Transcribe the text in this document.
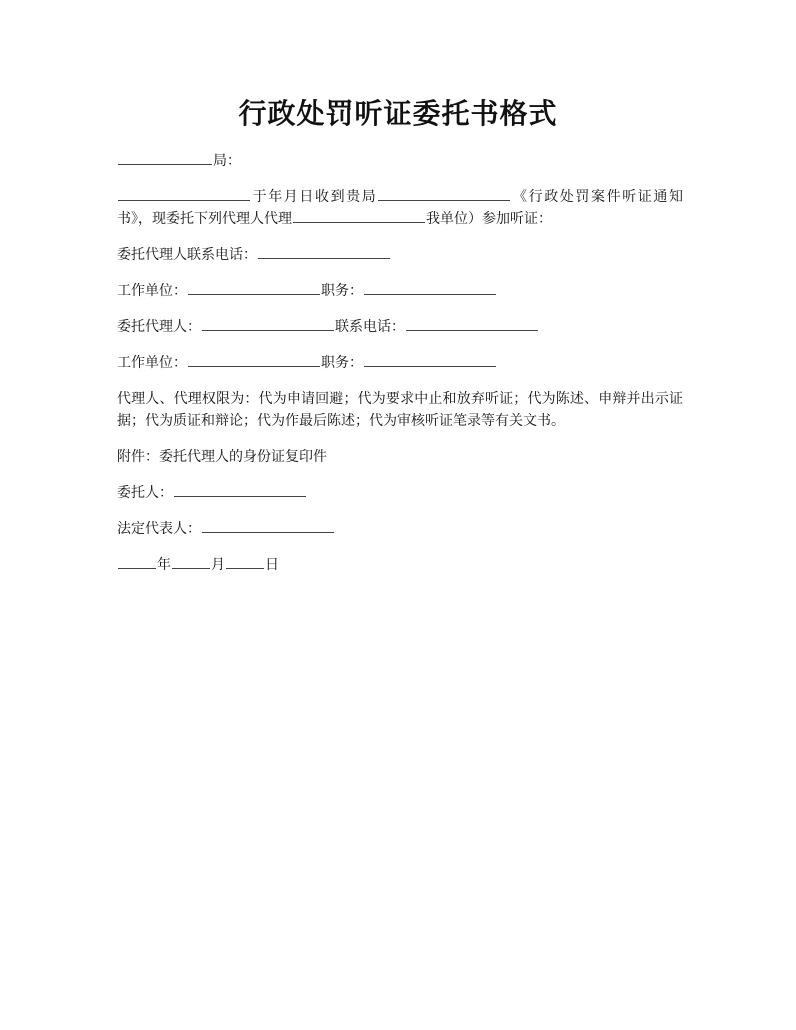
行政处罚听证委托书格式

局：

于年月日收到贵局	《行政处罚案件听证通知书》，现委托下列代理人代理	我单位）参加听证：

委托代理人联系电话：

工作单位：	职务：

委托代理人：	联系电话：

工作单位：	职务：

代理人、代理权限为：代为申请回避；代为要求中止和放弃听证；代为陈述、申辩并出示证据；代为质证和辩论；代为作最后陈述；代为审核听证笔录等有关文书。

附件：委托代理人的身份证复印件

委托人：

法定代表人：

年	月	日
